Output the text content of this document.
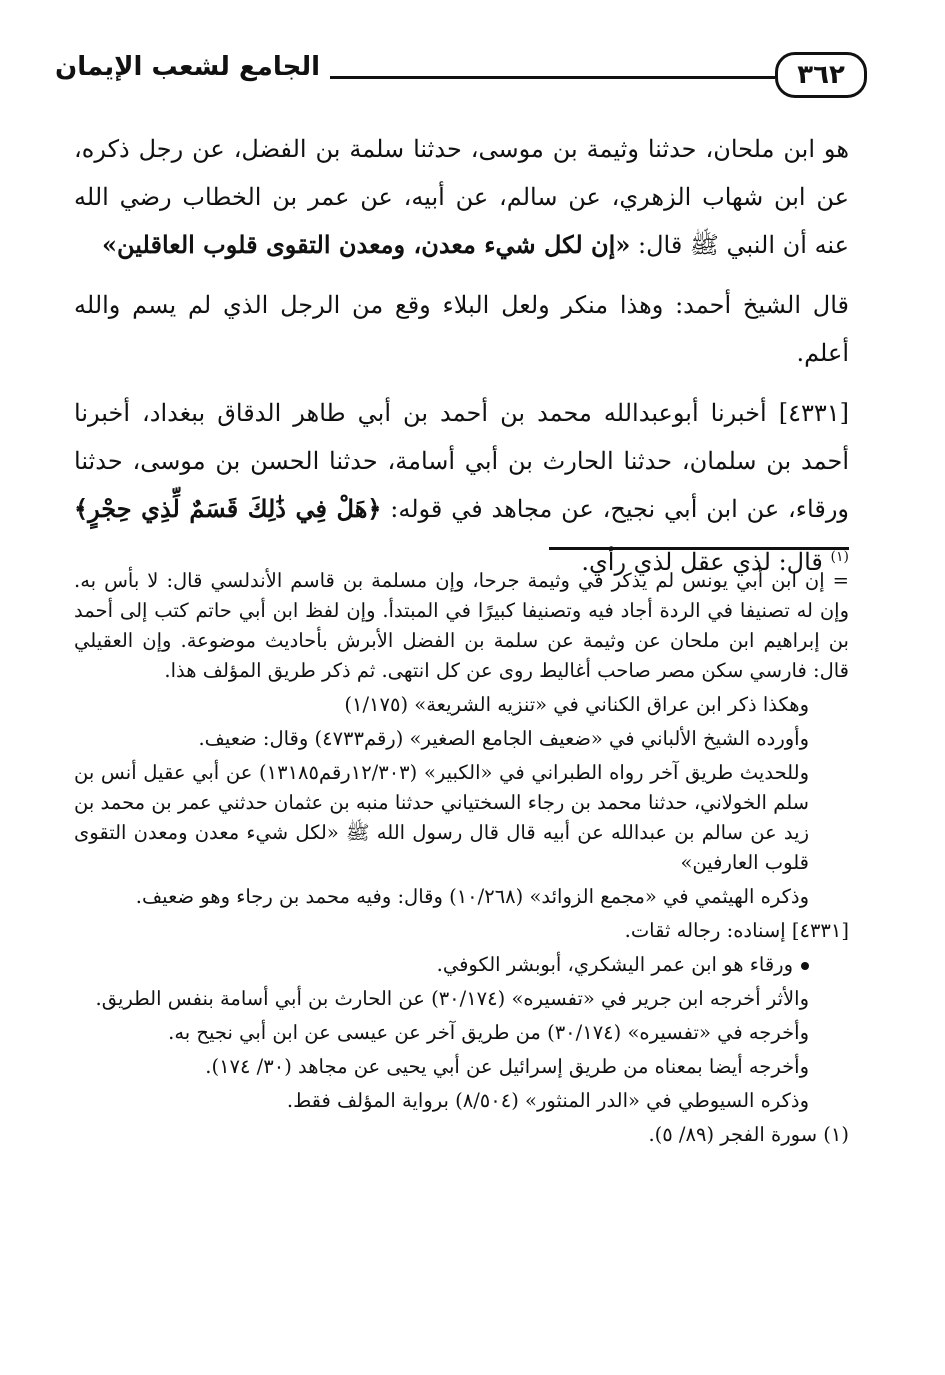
٣٦٢
الجامع لشعب الإيمان

هو ابن ملحان، حدثنا وثيمة بن موسى، حدثنا سلمة بن الفضل، عن رجل ذكره، عن ابن شهاب الزهري، عن سالم، عن أبيه، عن عمر بن الخطاب رضي الله عنه أن النبي ﷺ قال: «إن لكل شيء معدن، ومعدن التقوى قلوب العاقلين»

قال الشيخ أحمد: وهذا منكر ولعل البلاء وقع من الرجل الذي لم يسم والله أعلم.

[٤٣٣١] أخبرنا أبوعبدالله محمد بن أحمد بن أبي طاهر الدقاق ببغداد، أخبرنا أحمد بن سلمان، حدثنا الحارث بن أبي أسامة، حدثنا الحسن بن موسى، حدثنا ورقاء، عن ابن أبي نجيح، عن مجاهد في قوله: ﴿هَلْ فِي ذَٰلِكَ قَسَمٌ لِّذِي حِجْرٍ﴾$^{(١)}$ قال: لذي عقل لذي رأي.

= إن ابن أبي يونس لم يذكر في وثيمة جرحا، وإن مسلمة بن قاسم الأندلسي قال: لا بأس به. وإن له تصنيفا في الردة أجاد فيه وتصنيفا كبيرًا في المبتدأ. وإن لفظ ابن أبي حاتم كتب إلى أحمد بن إبراهيم ابن ملحان عن وثيمة عن سلمة بن الفضل الأبرش بأحاديث موضوعة. وإن العقيلي قال: فارسي سكن مصر صاحب أغاليط روى عن كل انتهى. ثم ذكر طريق المؤلف هذا.

وهكذا ذكر ابن عراق الكناني في «تنزيه الشريعة» (١/١٧٥)

وأورده الشيخ الألباني في «ضعيف الجامع الصغير» (رقم٤٧٣٣) وقال: ضعيف.

وللحديث طريق آخر رواه الطبراني في «الكبير» (١٢/٣٠٣رقم١٣١٨٥) عن أبي عقيل أنس بن سلم الخولاني، حدثنا محمد بن رجاء السختياني حدثنا منبه بن عثمان حدثني عمر بن محمد بن زيد عن سالم بن عبدالله عن أبيه قال قال رسول الله ﷺ «لكل شيء معدن ومعدن التقوى قلوب العارفين»

وذكره الهيثمي في «مجمع الزوائد» (١٠/٢٦٨) وقال: وفيه محمد بن رجاء وهو ضعيف.

[٤٣٣١] إسناده: رجاله ثقات.

ورقاء هو ابن عمر اليشكري، أبوبشر الكوفي.

والأثر أخرجه ابن جرير في «تفسيره» (٣٠/١٧٤) عن الحارث بن أبي أسامة بنفس الطريق.

وأخرجه في «تفسيره» (٣٠/١٧٤) من طريق آخر عن عيسى عن ابن أبي نجيح به.

وأخرجه أيضا بمعناه من طريق إسرائيل عن أبي يحيى عن مجاهد (٣٠/ ١٧٤).

وذكره السيوطي في «الدر المنثور» (٨/٥٠٤) برواية المؤلف فقط.

(١) سورة الفجر (٨٩/ ٥).
